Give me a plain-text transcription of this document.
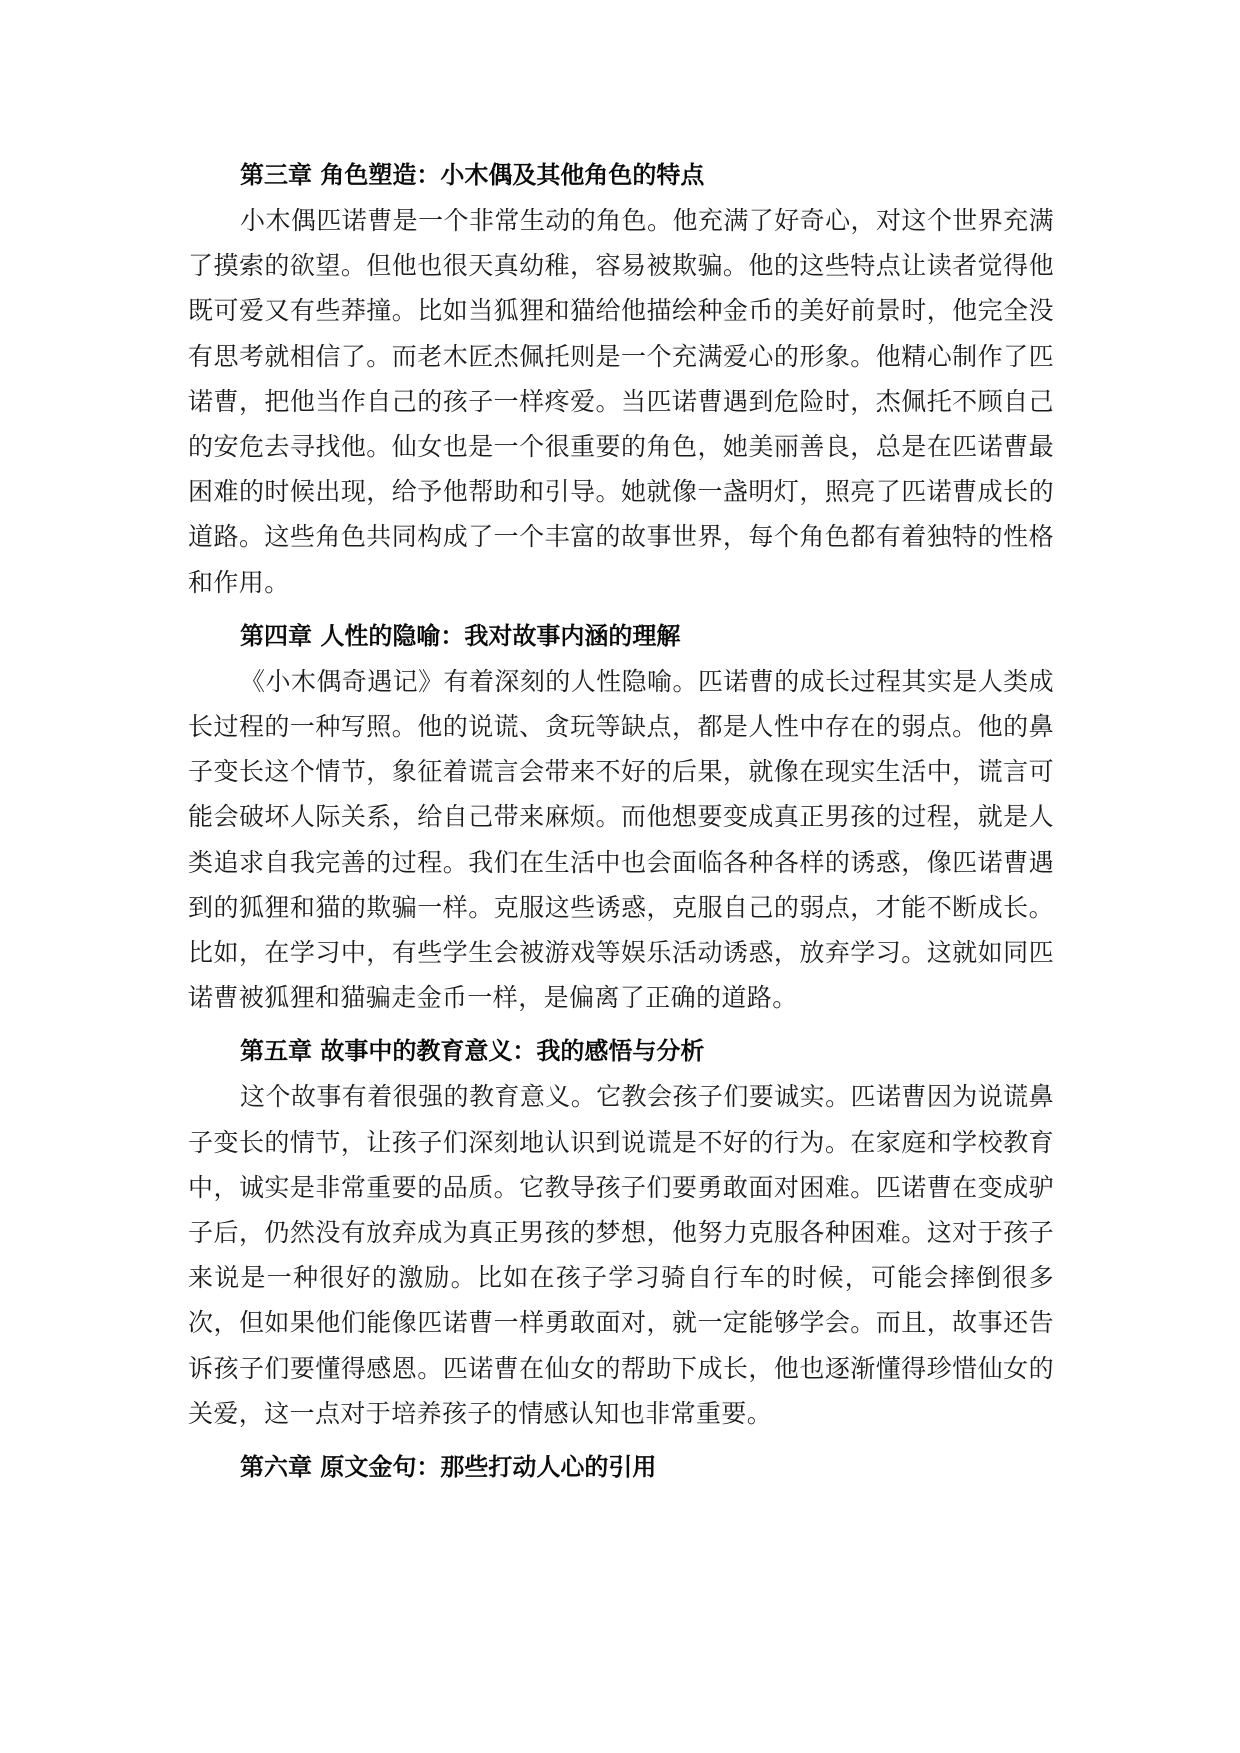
第三章 角色塑造：小木偶及其他角色的特点

小木偶匹诺曹是一个非常生动的角色。他充满了好奇心，对这个世界充满了摸索的欲望。但他也很天真幼稚，容易被欺骗。他的这些特点让读者觉得他既可爱又有些莽撞。比如当狐狸和猫给他描绘种金币的美好前景时，他完全没有思考就相信了。而老木匠杰佩托则是一个充满爱心的形象。他精心制作了匹诺曹，把他当作自己的孩子一样疼爱。当匹诺曹遇到危险时，杰佩托不顾自己的安危去寻找他。仙女也是一个很重要的角色，她美丽善良，总是在匹诺曹最困难的时候出现，给予他帮助和引导。她就像一盏明灯，照亮了匹诺曹成长的道路。这些角色共同构成了一个丰富的故事世界，每个角色都有着独特的性格和作用。

第四章 人性的隐喻：我对故事内涵的理解

《小木偶奇遇记》有着深刻的人性隐喻。匹诺曹的成长过程其实是人类成长过程的一种写照。他的说谎、贪玩等缺点，都是人性中存在的弱点。他的鼻子变长这个情节，象征着谎言会带来不好的后果，就像在现实生活中，谎言可能会破坏人际关系，给自己带来麻烦。而他想要变成真正男孩的过程，就是人类追求自我完善的过程。我们在生活中也会面临各种各样的诱惑，像匹诺曹遇到的狐狸和猫的欺骗一样。克服这些诱惑，克服自己的弱点，才能不断成长。比如，在学习中，有些学生会被游戏等娱乐活动诱惑，放弃学习。这就如同匹诺曹被狐狸和猫骗走金币一样，是偏离了正确的道路。

第五章 故事中的教育意义：我的感悟与分析

这个故事有着很强的教育意义。它教会孩子们要诚实。匹诺曹因为说谎鼻子变长的情节，让孩子们深刻地认识到说谎是不好的行为。在家庭和学校教育中，诚实是非常重要的品质。它教导孩子们要勇敢面对困难。匹诺曹在变成驴子后，仍然没有放弃成为真正男孩的梦想，他努力克服各种困难。这对于孩子来说是一种很好的激励。比如在孩子学习骑自行车的时候，可能会摔倒很多次，但如果他们能像匹诺曹一样勇敢面对，就一定能够学会。而且，故事还告诉孩子们要懂得感恩。匹诺曹在仙女的帮助下成长，他也逐渐懂得珍惜仙女的关爱，这一点对于培养孩子的情感认知也非常重要。

第六章 原文金句：那些打动人心的引用
